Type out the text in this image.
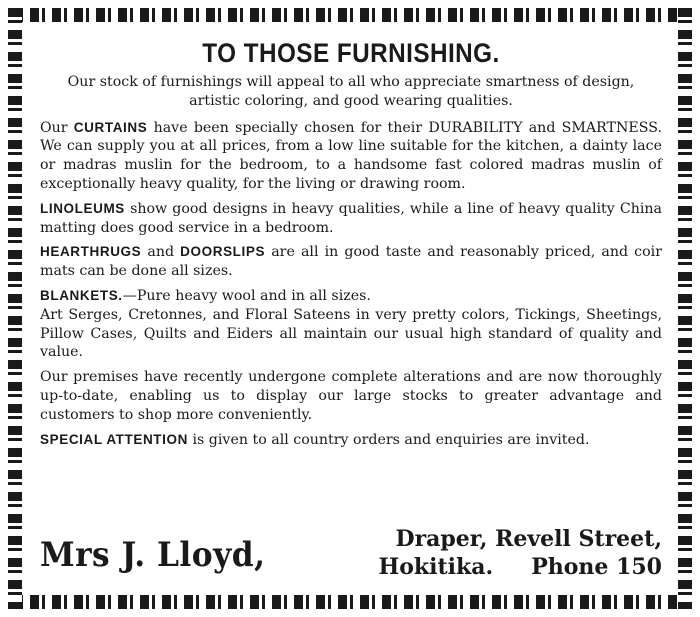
TO THOSE FURNISHING.

Our stock of furnishings will appeal to all who appreciate smartness of design, artistic coloring, and good wearing qualities.

Our CURTAINS have been specially chosen for their DURABILITY and SMARTNESS. We can supply you at all prices, from a low line suitable for the kitchen, a dainty lace or madras muslin for the bedroom, to a handsome fast colored madras muslin of exceptionally heavy quality, for the living or drawing room.

LINOLEUMS show good designs in heavy qualities, while a line of heavy quality China matting does good service in a bedroom.

HEARTHRUGS and DOORSLIPS are all in good taste and reasonably priced, and coir mats can be done all sizes.

BLANKETS.—Pure heavy wool and in all sizes.
Art Serges, Cretonnes, and Floral Sateens in very pretty colors, Tickings, Sheetings, Pillow Cases, Quilts and Eiders all maintain our usual high standard of quality and value.

Our premises have recently undergone complete alterations and are now thoroughly up-to-date, enabling us to display our large stocks to greater advantage and customers to shop more conveniently.

SPECIAL ATTENTION is given to all country orders and enquiries are invited.

Mrs J. Lloyd,	Draper, Revell Street,
Hokitika. Phone 150
